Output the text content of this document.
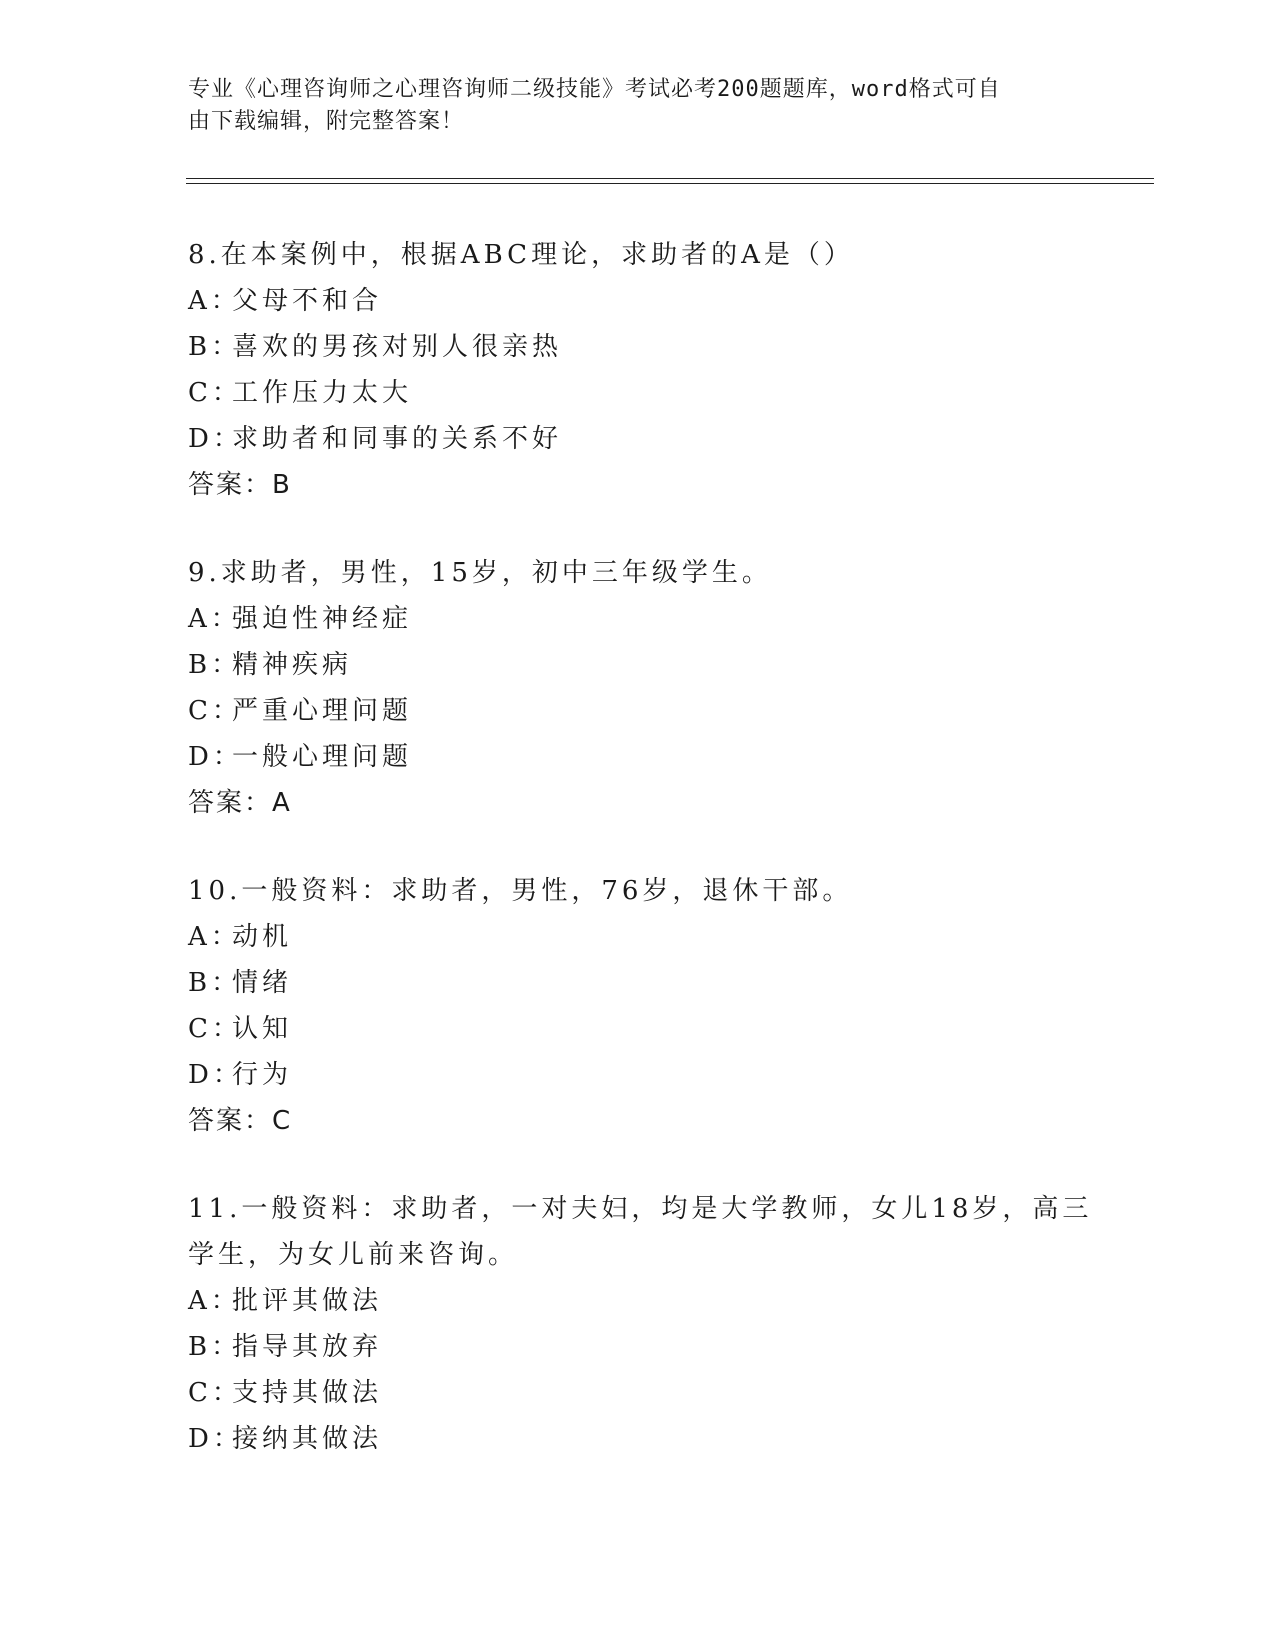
专业《心理咨询师之心理咨询师二级技能》考试必考200题题库，word格式可自
由下载编辑，附完整答案！
8.在本案例中，根据ABC理论，求助者的A是（）
A：父母不和合
B：喜欢的男孩对别人很亲热
C：工作压力太大
D：求助者和同事的关系不好
答案：B
9.求助者，男性，15岁，初中三年级学生。
A：强迫性神经症
B：精神疾病
C：严重心理问题
D：一般心理问题
答案：A
10.一般资料：求助者，男性，76岁，退休干部。
A：动机
B：情绪
C：认知
D：行为
答案：C
11.一般资料：求助者，一对夫妇，均是大学教师，女儿18岁，高三
学生，为女儿前来咨询。
A：批评其做法
B：指导其放弃
C：支持其做法
D：接纳其做法
